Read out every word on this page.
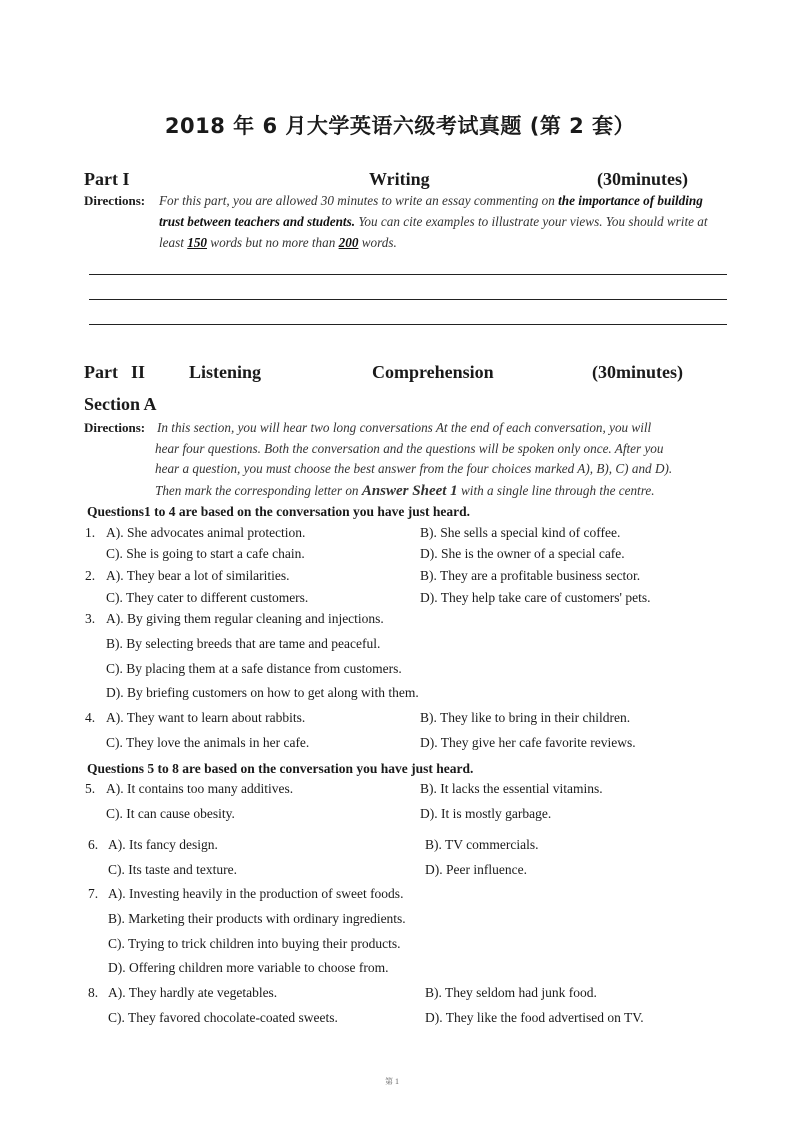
2018 年 6 月大学英语六级考试真题 (第 2 套）
Part I	Writing	(30minutes)
Directions: For this part, you are allowed 30 minutes to write an essay commenting on the importance of building trust between teachers and students. You can cite examples to illustrate your views. You should write at least 150 words but no more than 200 words.
Part II Listening	Comprehension	(30minutes)
Section A
Directions: In this section, you will hear two long conversations At the end of each conversation, you will
hear four questions. Both the conversation and the questions will be spoken only once. After you
hear a question, you must choose the best answer from the four choices marked A), B), C) and D).
Then mark the corresponding letter on Answer Sheet 1 with a single line through the centre.
Questions1 to 4 are based on the conversation you have just heard.
1. A). She advocates animal protection.	B). She sells a special kind of coffee.
C). She is going to start a cafe chain.	D). She is the owner of a special cafe.
2. A). They bear a lot of similarities.	B). They are a profitable business sector.
C). They cater to different customers.	D). They help take care of customers' pets.
3. A). By giving them regular cleaning and injections.
B). By selecting breeds that are tame and peaceful.
C). By placing them at a safe distance from customers.
D). By briefing customers on how to get along with them.
4. A). They want to learn about rabbits.	B). They like to bring in their children.
C). They love the animals in her cafe.	D). They give her cafe favorite reviews.
Questions 5 to 8 are based on the conversation you have just heard.
5. A). It contains too many additives.	B). It lacks the essential vitamins.
C). It can cause obesity.	D). It is mostly garbage.
6. A). Its fancy design.	B). TV commercials.
C). Its taste and texture.	D). Peer influence.
7. A). Investing heavily in the production of sweet foods.
B). Marketing their products with ordinary ingredients.
C). Trying to trick children into buying their products.
D). Offering children more variable to choose from.
8. A). They hardly ate vegetables.	B). They seldom had junk food.
C). They favored chocolate-coated sweets.	D). They like the food advertised on TV.
第 1
